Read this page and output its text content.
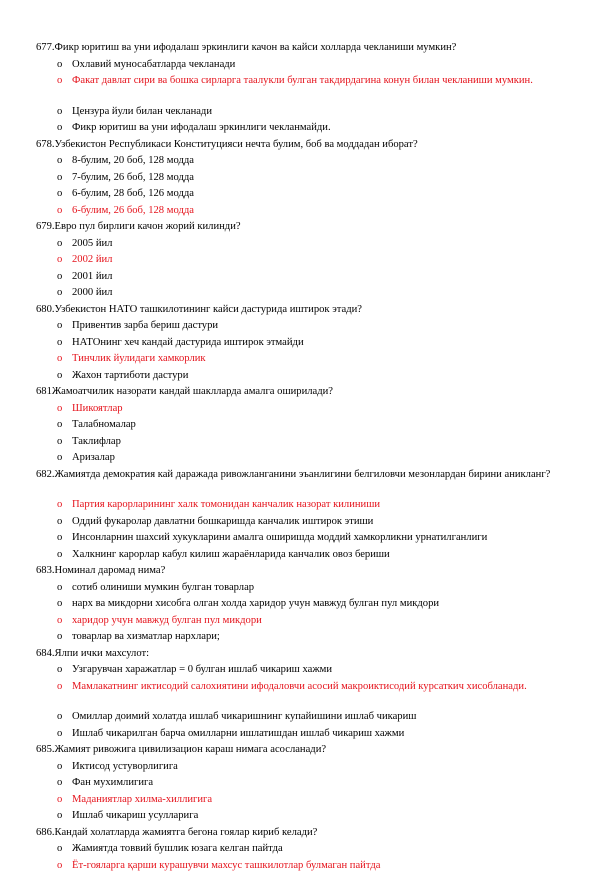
677.Фикр юритиш ва уни ифодалаш эркинлиги качон ва кайси холларда чекланиши мумкин?
o Охлавий муносабатларда чекланади
o Факат давлат сири ва бошка сирларга таалукли булган такдирдагина конун билан чекланиши мумкин.
o Цензура йули билан чекланади
o Фикр юритиш ва уни ифодалаш эркинлиги чекланмайди.
678.Узбекистон Республикаси Конституцияси нечта булим, боб ва моддадан иборат?
o 8-булим, 20 боб, 128 модда
o 7-булим, 26 боб, 128 модда
o 6-булим, 28 боб, 126 модда
o 6-булим, 26 боб, 128 модда
679.Евро пул бирлиги качон жорий килинди?
o 2005 йил
o 2002 йил
o 2001 йил
o 2000 йил
680.Узбекистон НАТО ташкилотининг кайси дастурида иштирок этади?
o Привентив зарба бериш дастури
o НАТОнинг хеч кандай дастурида иштирок этмайди
o Тинчлик йулидаги хамкорлик
o Жахон тартиботи дастури
681Жамоатчилик назорати кандай шаклларда амалга оширилади?
o Шикоятлар
o Талабномалар
o Таклифлар
o Аризалар
682.Жамиятда демократия кай даражада ривожланганини эъанлигини белгиловчи мезонлардан бирини аникланг?
o Партия карорларининг халк томонидан канчалик назорат килиниши
o Оддий фукаролар давлатни бошкаришда канчалик иштирок этиши
o Инсонларнин шахсий хукукларини амалга оширишда моддий хамкорликни урнатилганлиги
o Халкнинг карорлар кабул килиш жараёнларида канчалик овоз бериши
683.Номинал даромад нима?
o сотиб олиниши мумкин булган товарлар
o нарх ва микдорни хисобга олган холда харидор учун мавжуд булган пул микдори
o харидор учун мавжуд булган пул микдори
o товарлар ва хизматлар нархлари;
684.Ялпи ички махсулот:
o Узгарувчан харажатлар = 0 булган ишлаб чикариш хажми
o Мамлакатнинг иктисодий салохиятини ифодаловчи асосий макроиктисодий курсаткич хисобланади.
o Омиллар доимий холатда ишлаб чикаришнинг купайишини ишлаб чикариш
o Ишлаб чикарилган барча омилларни ишлатишдан ишлаб чикариш хажми
685.Жамият ривожига цивилизацион караш нимага асосланади?
o Иктисод устуворлигига
o Фан мухимлигига
o Маданиятлар хилма-хиллигига
o Ишлаб чикариш усулларига
686.Кандай холатларда жамиятга бегона гоялар кириб келади?
o Жамиятда товвий бушлик юзага келган пайтда
o Ёт-гояларга қарши курашувчи махсус ташкилотлар булмаган пайтда
